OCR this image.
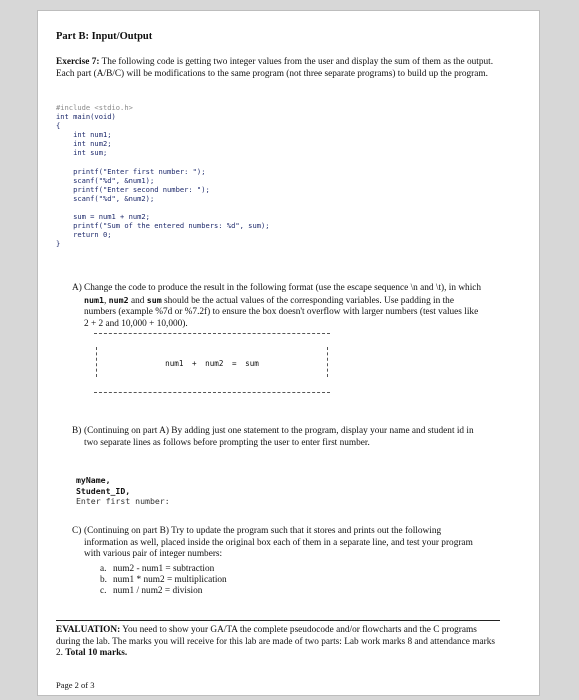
Part B: Input/Output
Exercise 7: The following code is getting two integer values from the user and display the sum of them as the output. Each part (A/B/C) will be modifications to the same program (not three separate programs) to build up the program.
#include <stdio.h>
int main(void)
{
int num1;
int num2;
int sum;

printf("Enter first number: ");
scanf("%d", &num1);
printf("Enter second number: ");
scanf("%d", &num2);

sum = num1 + num2;
printf("Sum of the entered numbers: %d", sum);
return 0;
}
A) Change the code to produce the result in the following format (use the escape sequence \n and \t), in which num1, num2 and sum should be the actual values of the corresponding variables. Use padding in the numbers (example %7d or %7.2f) to ensure the box doesn't overflow with larger numbers (test values like 2 + 2 and 10,000 + 10,000).
num1 + num2 = sum
B) (Continuing on part A) By adding just one statement to the program, display your name and student id in two separate lines as follows before prompting the user to enter first number.
myName,
Student_ID,
Enter first number:
C) (Continuing on part B) Try to update the program such that it stores and prints out the following information as well, placed inside the original box each of them in a separate line, and test your program with various pair of integer numbers:
a. num2 - num1 = subtraction
b. num1 * num2 = multiplication
c. num1 / num2 = division
EVALUATION: You need to show your GA/TA the complete pseudocode and/or flowcharts and the C programs during the lab. The marks you will receive for this lab are made of two parts: Lab work marks 8 and attendance marks 2. Total 10 marks.
Page 2 of 3
